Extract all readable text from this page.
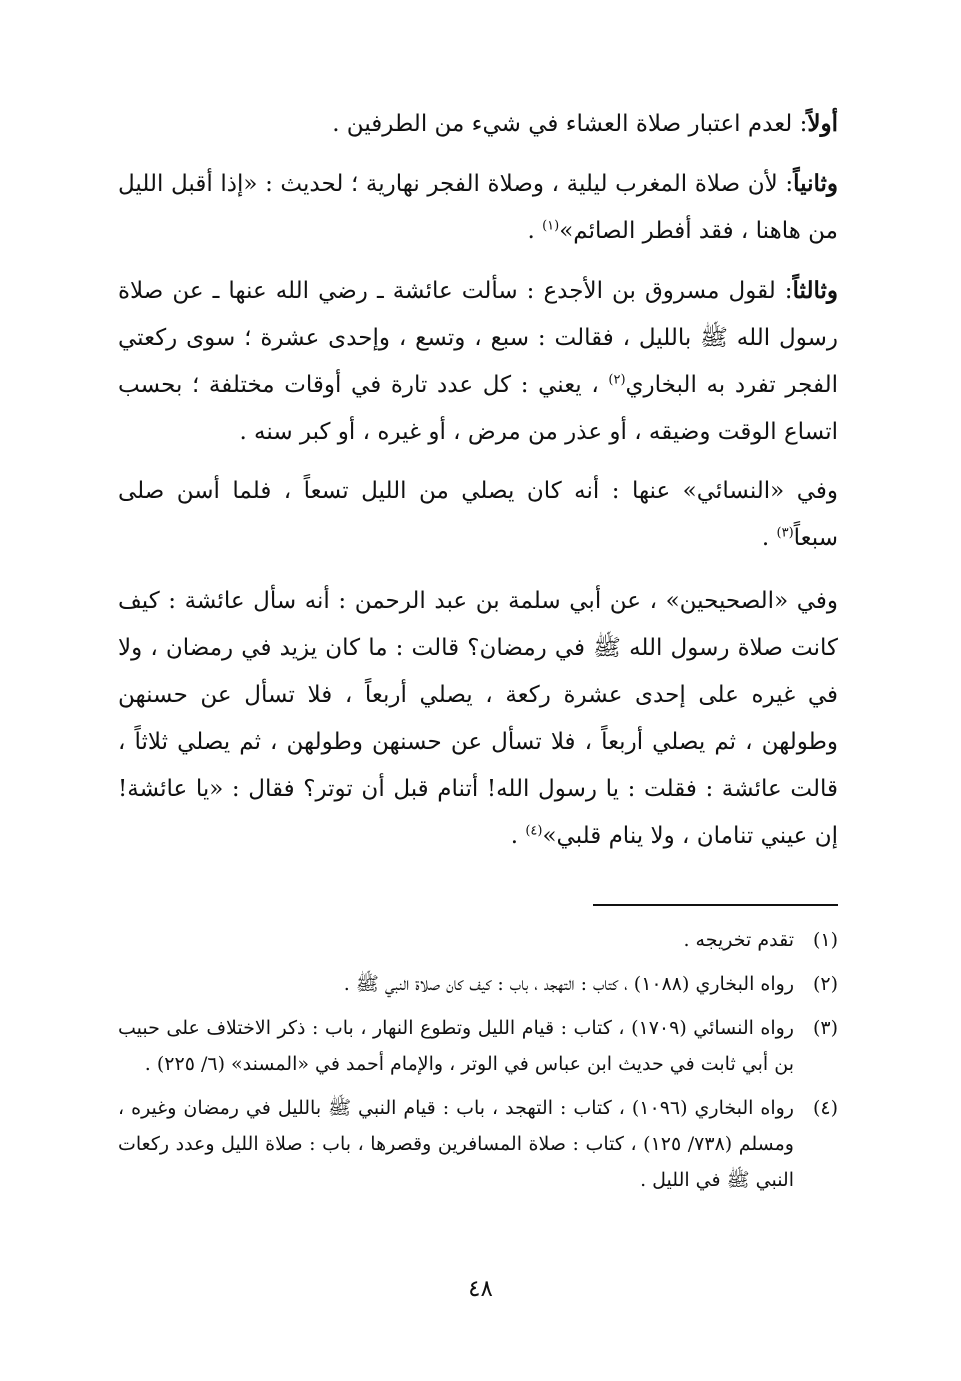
أولاً: لعدم اعتبار صلاة العشاء في شيء من الطرفين .

وثانياً: لأن صلاة المغرب ليلية ، وصلاة الفجر نهارية ؛ لحديث : «إذا أقبل الليل من هاهنا ، فقد أفطر الصائم»$^{(١)}$ .

وثالثاً: لقول مسروق بن الأجدع : سألت عائشة ـ رضي الله عنها ـ عن صلاة رسول الله ﷺ بالليل ، فقالت : سبع ، وتسع ، وإحدى عشرة ؛ سوى ركعتي الفجر تفرد به البخاري$^{(٢)}$ ، يعني : كل عدد تارة في أوقات مختلفة ؛ بحسب اتساع الوقت وضيقه ، أو عذر من مرض ، أو غيره ، أو كبر سنه .

وفي «النسائي» عنها : أنه كان يصلي من الليل تسعاً ، فلما أسن صلى سبعاً$^{(٣)}$ .

وفي «الصحيحين» ، عن أبي سلمة بن عبد الرحمن : أنه سأل عائشة : كيف كانت صلاة رسول الله ﷺ في رمضان؟ قالت : ما كان يزيد في رمضان ، ولا في غيره على إحدى عشرة ركعة ، يصلي أربعاً ، فلا تسأل عن حسنهن وطولهن ، ثم يصلي أربعاً ، فلا تسأل عن حسنهن وطولهن ، ثم يصلي ثلاثاً ، قالت عائشة : فقلت : يا رسول الله! أتنام قبل أن توتر؟ فقال : «يا عائشة! إن عيني تنامان ، ولا ينام قلبي»$^{(٤)}$ .

(١)
تقدم تخريجه .
(٢)
رواه البخاري (١٠٨٨) ، كتاب : التهجد ، باب : كيف كان صلاة النبي ﷺ .
(٣)
رواه النسائي (١٧٠٩) ، كتاب : قيام الليل وتطوع النهار ، باب : ذكر الاختلاف على حبيب بن أبي ثابت في حديث ابن عباس في الوتر ، والإمام أحمد في «المسند» (٦/ ٢٢٥) .
(٤)
رواه البخاري (١٠٩٦) ، كتاب : التهجد ، باب : قيام النبي ﷺ بالليل في رمضان وغيره ، ومسلم (٧٣٨/ ١٢٥) ، كتاب : صلاة المسافرين وقصرها ، باب : صلاة الليل وعدد ركعات النبي ﷺ في الليل .
٤٨
